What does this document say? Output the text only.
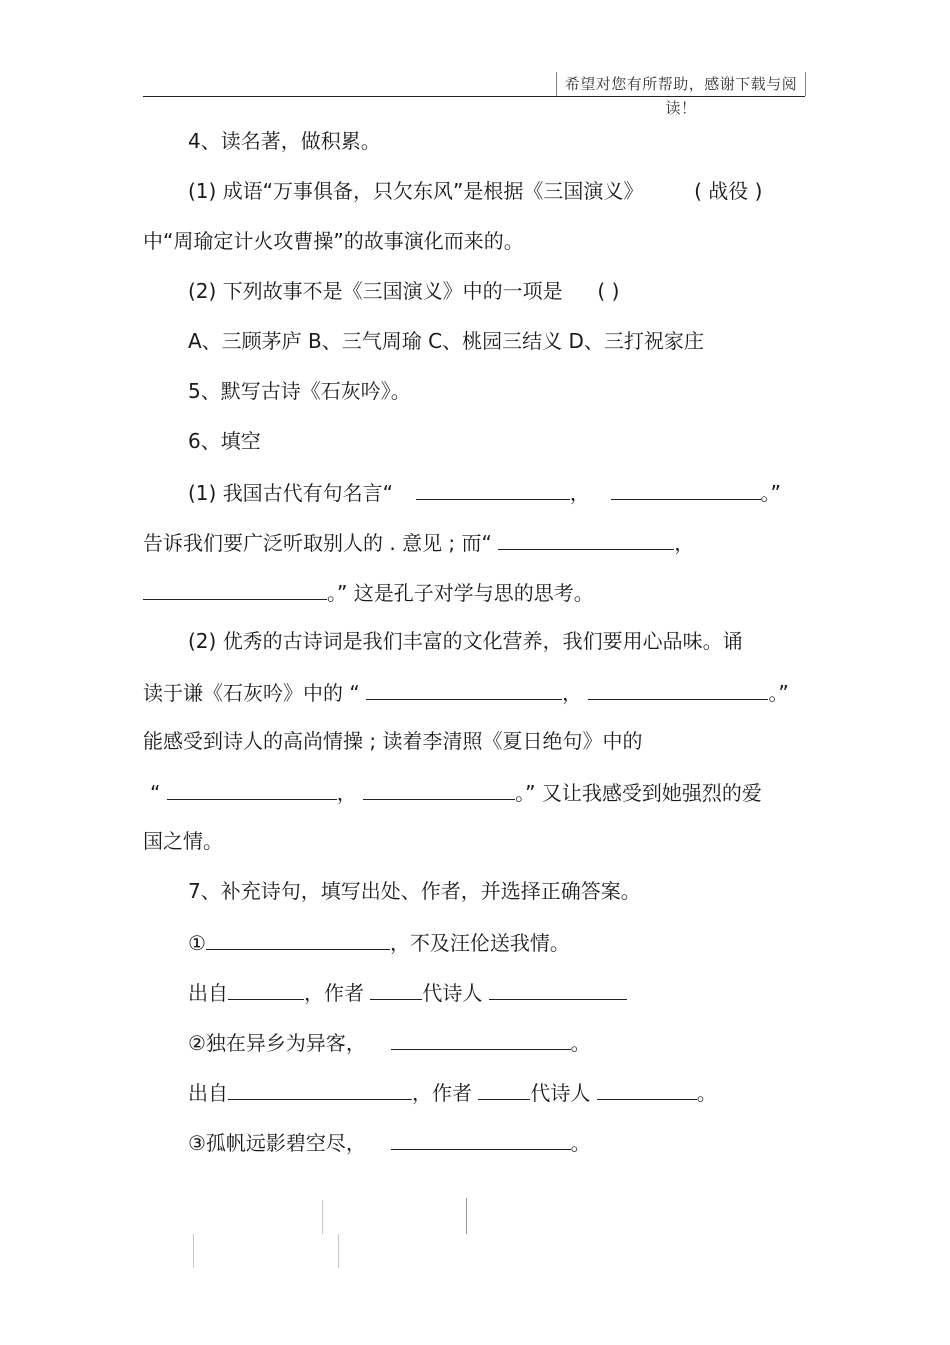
希望对您有所帮助，感谢下载与阅读！
4、读名著，做积累。
(1) 成语“万事俱备，只欠东风”是根据《三国演义》	( 战役 )
中“周瑜定计火攻曹操”的故事演化而来的。
(2) 下列故事不是《三国演义》中的一项是 ( )
A、三顾茅庐 B、三气周瑜 C、桃园三结义 D、三打祝家庄
5、默写古诗《石灰吟》。
6、填空
(1) 我国古代有句名言“	，	。”
告诉我们要广泛听取别人的 . 意见 ; 而“	，
。” 这是孔子对学与思的思考。
(2) 优秀的古诗词是我们丰富的文化营养，我们要用心品味。诵
读于谦《石灰吟》中的 “	，	。”
能感受到诗人的高尚情操 ; 读着李清照《夏日绝句》中的
“	，	。” 又让我感受到她强烈的爱
国之情。
7、补充诗句，填写出处、作者，并选择正确答案。
①	，不及汪伦送我情。
出自	，作者	代诗人
②独在异乡为异客，	。
出自	，作者	代诗人	。
③孤帆远影碧空尽，	。
